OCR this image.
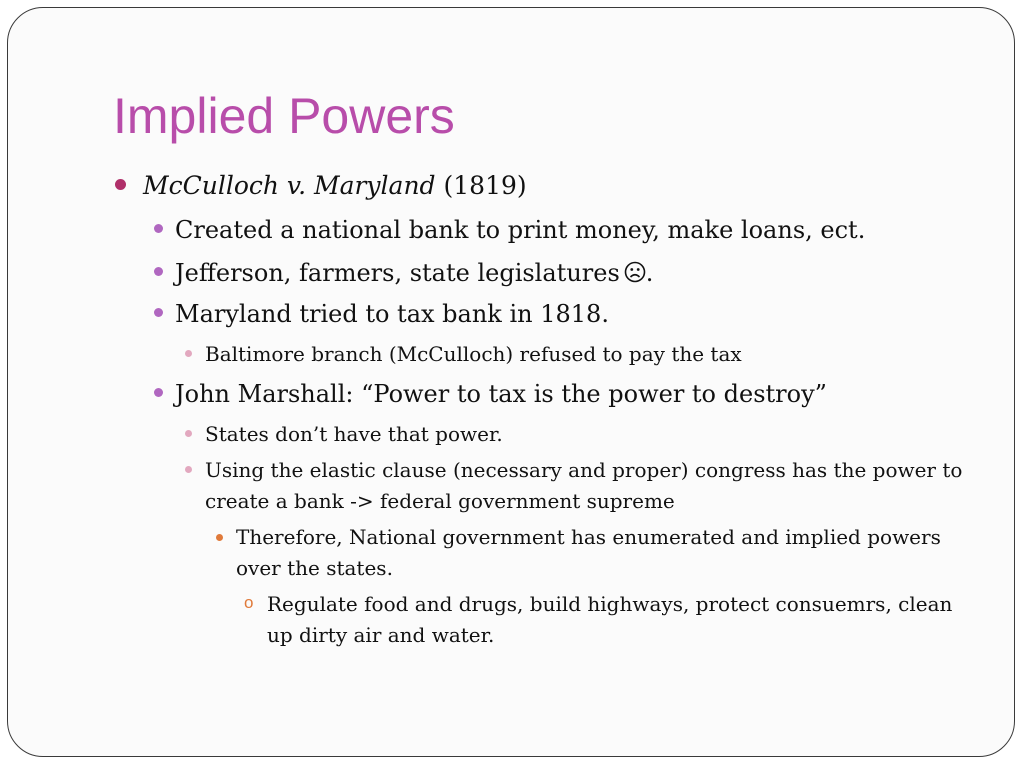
Implied Powers
McCulloch v. Maryland (1819)
Created a national bank to print money, make loans, ect.
Jefferson, farmers, state legislatures .
Maryland tried to tax bank in 1818.
Baltimore branch (McCulloch) refused to pay the tax
John Marshall: “Power to tax is the power to destroy”
States don’t have that power.
Using the elastic clause (necessary and proper) congress has the power to
create a bank -> federal government supreme
Therefore, National government has enumerated and implied powers
over the states.
o Regulate food and drugs, build highways, protect consuemrs, clean
up dirty air and water.
